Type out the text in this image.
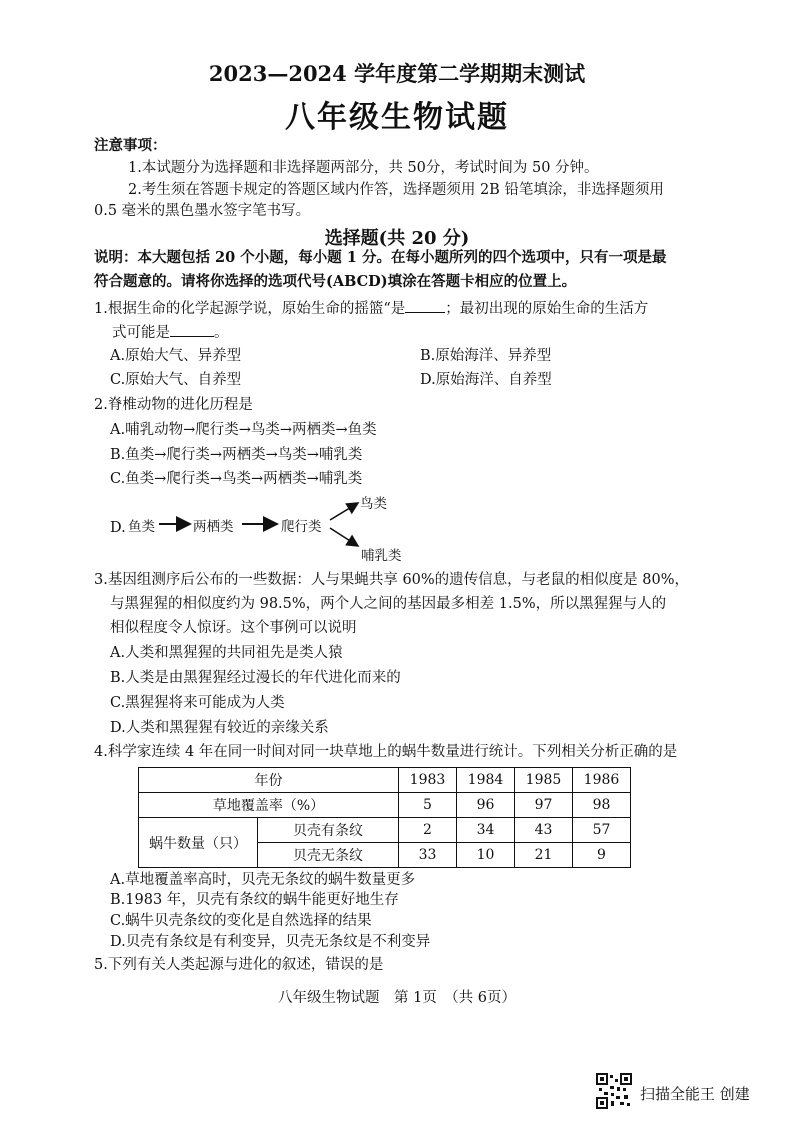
2023—2024 学年度第二学期期末测试
八年级生物试题
注意事项：
1.本试题分为选择题和非选择题两部分，共 50分，考试时间为 50 分钟。
2.考生须在答题卡规定的答题区域内作答，选择题须用 2B 铅笔填涂，非选择题须用
0.5 毫米的黑色墨水签字笔书写。
选择题(共 20 分)
说明：本大题包括 20 个小题，每小题 1 分。在每小题所列的四个选项中，只有一项是最
符合题意的。请将你选择的选项代号(ABCD)填涂在答题卡相应的位置上。
1.根据生命的化学起源学说，原始生命的摇篮“是	；最初出现的原始生命的生活方
式可能是	。
A.原始大气、异养型	B.原始海洋、异养型
C.原始大气、自养型	D.原始海洋、自养型
2.脊椎动物的进化历程是
A.哺乳动物→爬行类→鸟类→两栖类→鱼类
B.鱼类→爬行类→两栖类→鸟类→哺乳类
C.鱼类→爬行类→鸟类→两栖类→哺乳类
D. 鱼类	两栖类	爬行类
鸟类
哺乳类
3.基因组测序后公布的一些数据：人与果蝇共享 60%的遗传信息，与老鼠的相似度是 80%，
与黑猩猩的相似度约为 98.5%，两个人之间的基因最多相差 1.5%，所以黑猩猩与人的
相似程度令人惊讶。这个事例可以说明
A.人类和黑猩猩的共同祖先是类人猿
B.人类是由黑猩猩经过漫长的年代进化而来的
C.黑猩猩将来可能成为人类
D.人类和黑猩猩有较近的亲缘关系
4.科学家连续 4 年在同一时间对同一块草地上的蜗牛数量进行统计。下列相关分析正确的是
年份		1983	1984	1985	1986
草地覆盖率（%）		5	96	97	98
蜗牛数量（只）	贝壳有条纹	2	34	43	57
	贝壳无条纹	33	10	21	9
A.草地覆盖率高时，贝壳无条纹的蜗牛数量更多
B.1983 年，贝壳有条纹的蜗牛能更好地生存
C.蜗牛贝壳条纹的变化是自然选择的结果
D.贝壳有条纹是有利变异，贝壳无条纹是不利变异
5.下列有关人类起源与进化的叙述，错误的是
八年级生物试题　第 1页　（共 6页）
扫描全能王 创建
